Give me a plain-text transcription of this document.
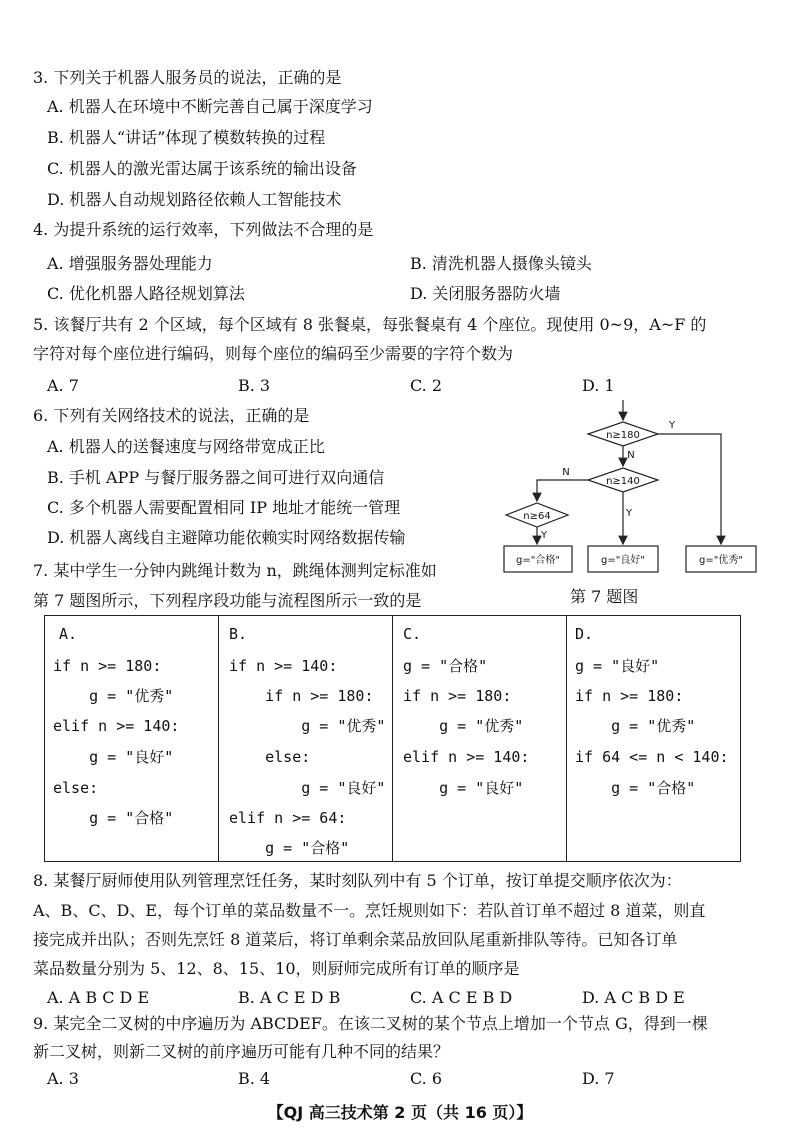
3. 下列关于机器人服务员的说法，正确的是
A. 机器人在环境中不断完善自己属于深度学习
B. 机器人“讲话”体现了模数转换的过程
C. 机器人的激光雷达属于该系统的输出设备
D. 机器人自动规划路径依赖人工智能技术
4. 为提升系统的运行效率，下列做法不合理的是
A. 增强服务器处理能力	B. 清洗机器人摄像头镜头
C. 优化机器人路径规划算法	D. 关闭服务器防火墙
5. 该餐厅共有 2 个区域，每个区域有 8 张餐桌，每张餐桌有 4 个座位。现使用 0~9，A~F 的
字符对每个座位进行编码，则每个座位的编码至少需要的字符个数为
A. 7	B. 3	C. 2	D. 1
6. 下列有关网络技术的说法，正确的是
A. 机器人的送餐速度与网络带宽成正比
B. 手机 APP 与餐厅服务器之间可进行双向通信
C. 多个机器人需要配置相同 IP 地址才能统一管理
D. 机器人离线自主避障功能依赖实时网络数据传输
7. 某中学生一分钟内跳绳计数为 n，跳绳体测判定标准如
第 7 题图所示，下列程序段功能与流程图所示一致的是	第 7 题图
n≥180
n≥140
n≥64
g="合格"	g="良好"	g="优秀"
Y
N
N
Y
Y
A.
if n >= 180:
g = "优秀"
elif n >= 140:
g = "良好"
else:
g = "合格"
B.
if n >= 140:
if n >= 180:
g = "优秀"
else:
g = "良好"
elif n >= 64:
g = "合格"
C.
g = "合格"
if n >= 180:
g = "优秀"
elif n >= 140:
g = "良好"
D.
g = "良好"
if n >= 180:
g = "优秀"
if 64 <= n < 140:
g = "合格"
8. 某餐厅厨师使用队列管理烹饪任务，某时刻队列中有 5 个订单，按订单提交顺序依次为：
A、B、C、D、E，每个订单的菜品数量不一。烹饪规则如下：若队首订单不超过 8 道菜，则直
接完成并出队；否则先烹饪 8 道菜后，将订单剩余菜品放回队尾重新排队等待。已知各订单
菜品数量分别为 5、12、8、15、10，则厨师完成所有订单的顺序是
A. A B C D E	B. A C E D B	C. A C E B D	D. A C B D E
9. 某完全二叉树的中序遍历为 ABCDEF。在该二叉树的某个节点上增加一个节点 G，得到一棵
新二叉树，则新二叉树的前序遍历可能有几种不同的结果？
A. 3	B. 4	C. 6	D. 7
【QJ 高三技术第 2 页（共 16 页）】
